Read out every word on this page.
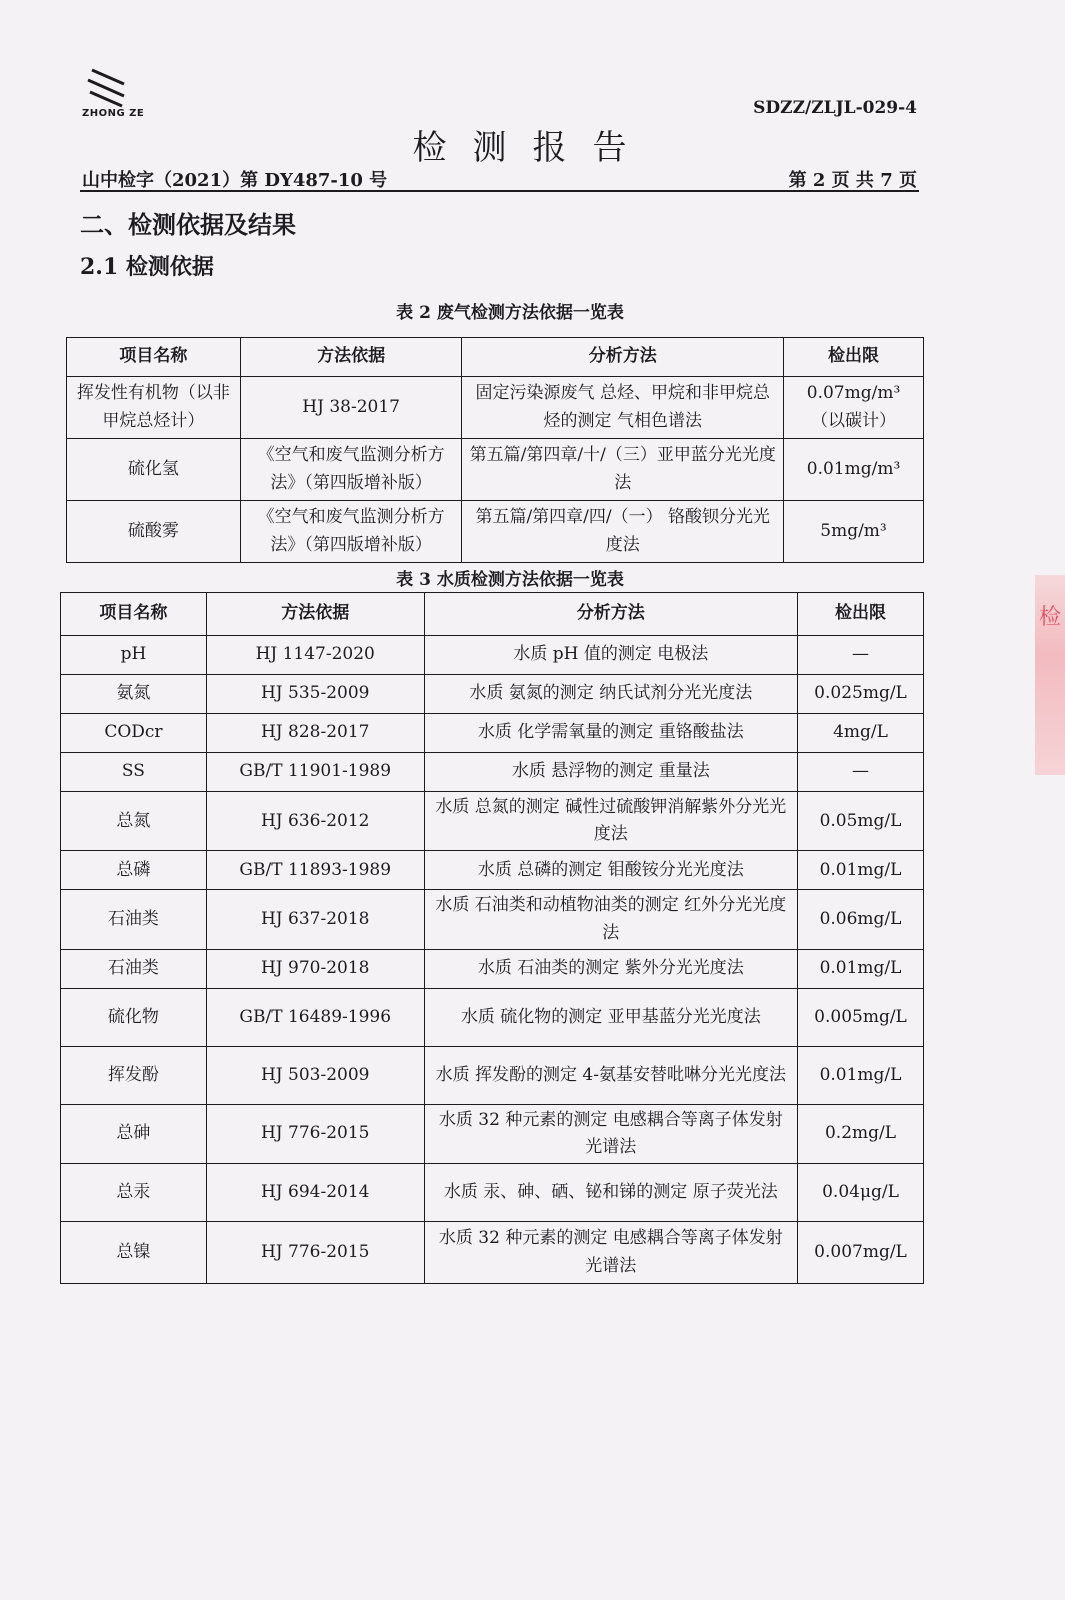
ZHONG ZE	SDZZ/ZLJL-029-4
检测报告
山中检字（2021）第 DY487-10 号	第 2 页 共 7 页
二、检测依据及结果
2.1 检测依据
表 2 废气检测方法依据一览表
项目名称	方法依据	分析方法	检出限
挥发性有机物（以非甲烷总烃计）	HJ 38-2017	固定污染源废气 总烃、甲烷和非甲烷总烃的测定 气相色谱法	0.07mg/m³（以碳计）
硫化氢	《空气和废气监测分析方法》（第四版增补版）	第五篇/第四章/十/（三）亚甲蓝分光光度法	0.01mg/m³
硫酸雾	《空气和废气监测分析方法》（第四版增补版）	第五篇/第四章/四/（一） 铬酸钡分光光度法	5mg/m³
表 3 水质检测方法依据一览表
项目名称	方法依据	分析方法	检出限
pH	HJ 1147-2020	水质 pH 值的测定 电极法	—
氨氮	HJ 535-2009	水质 氨氮的测定 纳氏试剂分光光度法	0.025mg/L
CODcr	HJ 828-2017	水质 化学需氧量的测定 重铬酸盐法	4mg/L
SS	GB/T 11901-1989	水质 悬浮物的测定 重量法	—
总氮	HJ 636-2012	水质 总氮的测定 碱性过硫酸钾消解紫外分光光度法	0.05mg/L
总磷	GB/T 11893-1989	水质 总磷的测定 钼酸铵分光光度法	0.01mg/L
石油类	HJ 637-2018	水质 石油类和动植物油类的测定 红外分光光度法	0.06mg/L
石油类	HJ 970-2018	水质 石油类的测定 紫外分光光度法	0.01mg/L
硫化物	GB/T 16489-1996	水质 硫化物的测定 亚甲基蓝分光光度法	0.005mg/L
挥发酚	HJ 503-2009	水质 挥发酚的测定 4-氨基安替吡啉分光光度法	0.01mg/L
总砷	HJ 776-2015	水质 32 种元素的测定 电感耦合等离子体发射光谱法	0.2mg/L
总汞	HJ 694-2014	水质 汞、砷、硒、铋和锑的测定 原子荧光法	0.04μg/L
总镍	HJ 776-2015	水质 32 种元素的测定 电感耦合等离子体发射光谱法	0.007mg/L
检
